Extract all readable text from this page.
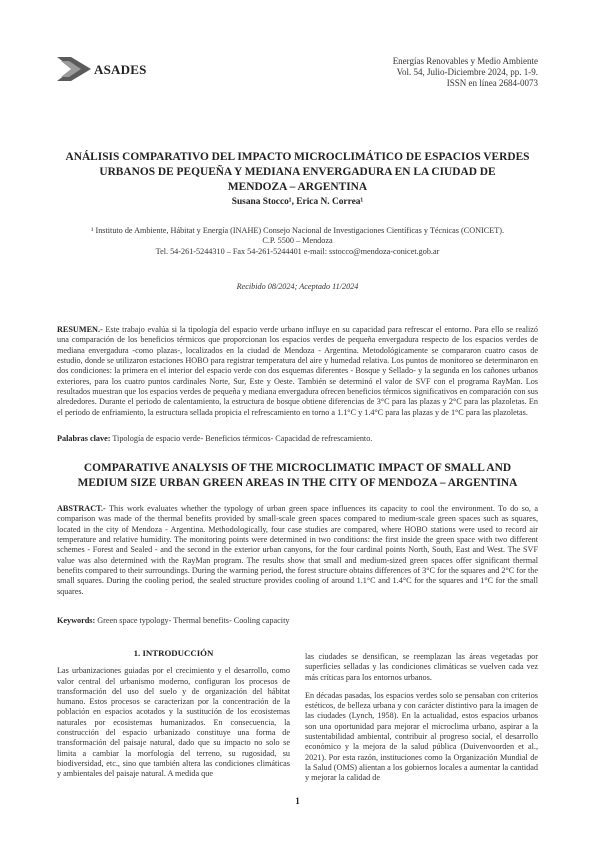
ASADES
Energías Renovables y Medio Ambiente
Vol. 54, Julio-Diciembre 2024, pp. 1-9.
ISSN en línea 2684-0073
ANÁLISIS COMPARATIVO DEL IMPACTO MICROCLIMÁTICO DE ESPACIOS VERDES
URBANOS DE PEQUEÑA Y MEDIANA ENVERGADURA EN LA CIUDAD DE
MENDOZA – ARGENTINA
Susana Stocco¹, Erica N. Correa¹
¹ Instituto de Ambiente, Hábitat y Energía (INAHE) Consejo Nacional de Investigaciones Científicas y Técnicas (CONICET).
C.P. 5500 – Mendoza
Tel. 54-261-5244310 – Fax 54-261-5244401 e-mail: sstocco@mendoza-conicet.gob.ar
Recibido 08/2024; Aceptado 11/2024
RESUMEN.- Este trabajo evalúa si la tipología del espacio verde urbano influye en su capacidad para refrescar el entorno. Para ello se realizó una comparación de los beneficios térmicos que proporcionan los espacios verdes de pequeña envergadura respecto de los espacios verdes de mediana envergadura -como plazas-, localizados en la ciudad de Mendoza - Argentina. Metodológicamente se compararon cuatro casos de estudio, donde se utilizaron estaciones HOBO para registrar temperatura del aire y humedad relativa. Los puntos de monitoreo se determinaron en dos condiciones: la primera en el interior del espacio verde con dos esquemas diferentes - Bosque y Sellado- y la segunda en los cañones urbanos exteriores, para los cuatro puntos cardinales Norte, Sur, Este y Oeste. También se determinó el valor de SVF con el programa RayMan. Los resultados muestran que los espacios verdes de pequeña y mediana envergadura ofrecen beneficios térmicos significativos en comparación con sus alrededores. Durante el periodo de calentamiento, la estructura de bosque obtiene diferencias de 3°C para las plazas y 2°C para las plazoletas. En el periodo de enfriamiento, la estructura sellada propicia el refrescamiento en torno a 1.1°C y 1.4°C para las plazas y de 1°C para las plazoletas.
Palabras clave: Tipología de espacio verde- Beneficios térmicos- Capacidad de refrescamiento.
COMPARATIVE ANALYSIS OF THE MICROCLIMATIC IMPACT OF SMALL AND
MEDIUM SIZE URBAN GREEN AREAS IN THE CITY OF MENDOZA – ARGENTINA
ABSTRACT.- This work evaluates whether the typology of urban green space influences its capacity to cool the environment. To do so, a comparison was made of the thermal benefits provided by small-scale green spaces compared to medium-scale green spaces such as squares, located in the city of Mendoza - Argentina. Methodologically, four case studies are compared, where HOBO stations were used to record air temperature and relative humidity. The monitoring points were determined in two conditions: the first inside the green space with two different schemes - Forest and Sealed - and the second in the exterior urban canyons, for the four cardinal points North, South, East and West. The SVF value was also determined with the RayMan program. The results show that small and medium-sized green spaces offer significant thermal benefits compared to their surroundings. During the warming period, the forest structure obtains differences of 3°C for the squares and 2°C for the small squares. During the cooling period, the sealed structure provides cooling of around 1.1°C and 1.4°C for the squares and 1°C for the small squares.
Keywords: Green space typology- Thermal benefits- Cooling capacity
1. INTRODUCCIÓN

Las urbanizaciones guiadas por el crecimiento y el desarrollo, como valor central del urbanismo moderno, configuran los procesos de transformación del uso del suelo y de organización del hábitat humano. Estos procesos se caracterizan por la concentración de la población en espacios acotados y la sustitución de los ecosistemas naturales por ecosistemas humanizados. En consecuencia, la construcción del espacio urbanizado constituye una forma de transformación del paisaje natural, dado que su impacto no solo se limita a cambiar la morfología del terreno, su rugosidad, su biodiversidad, etc., sino que también altera las condiciones climáticas y ambientales del paisaje natural. A medida que

las ciudades se densifican, se reemplazan las áreas vegetadas por superficies selladas y las condiciones climáticas se vuelven cada vez más críticas para los entornos urbanos.

En décadas pasadas, los espacios verdes solo se pensaban con criterios estéticos, de belleza urbana y con carácter distintivo para la imagen de las ciudades (Lynch, 1958). En la actualidad, estos espacios urbanos son una oportunidad para mejorar el microclima urbano, aspirar a la sustentabilidad ambiental, contribuir al progreso social, el desarrollo económico y la mejora de la salud pública (Duivenvoorden et al., 2021). Por esta razón, instituciones como la Organización Mundial de la Salud (OMS) alientan a los gobiernos locales a aumentar la cantidad y mejorar la calidad de

1
